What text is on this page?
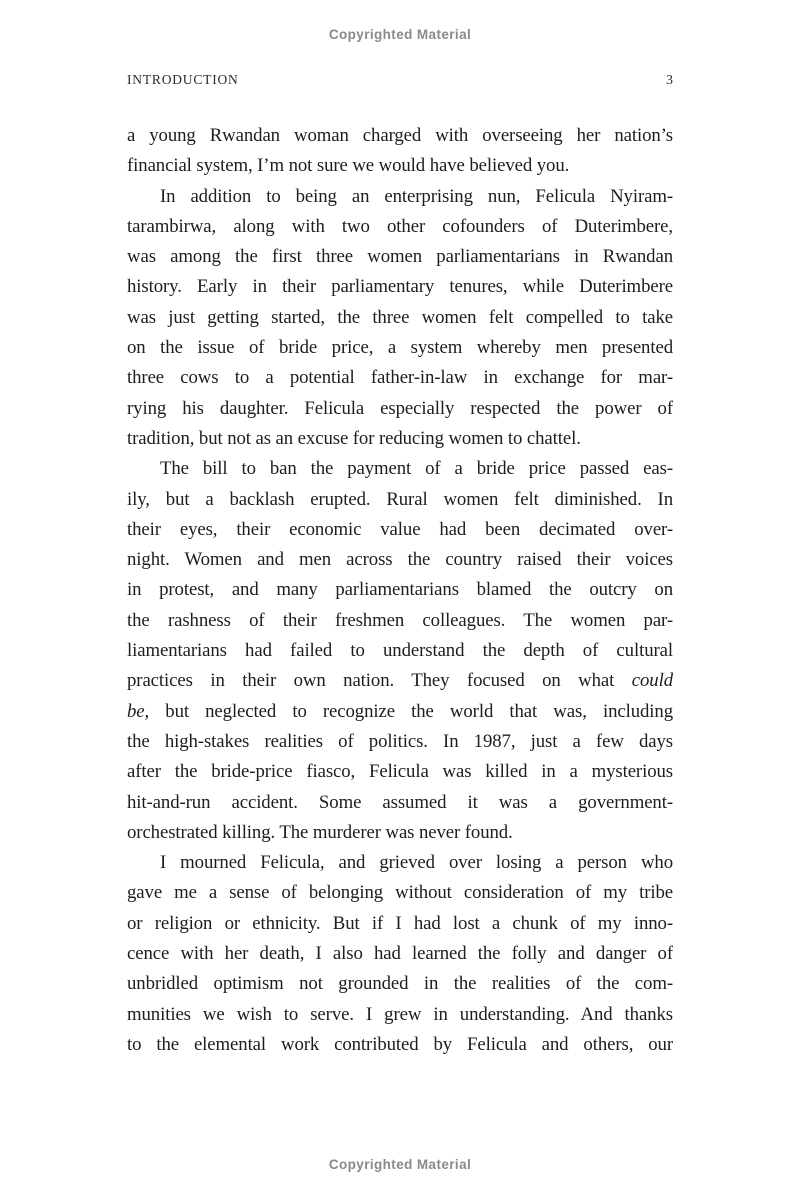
Copyrighted Material
INTRODUCTION	3
a young Rwandan woman charged with overseeing her nation’s
financial system, I’m not sure we would have believed you.
In addition to being an enterprising nun, Felicula Nyiram-
tarambirwa, along with two other cofounders of Duterimbere,
was among the first three women parliamentarians in Rwandan
history. Early in their parliamentary tenures, while Duterimbere
was just getting started, the three women felt compelled to take
on the issue of bride price, a system whereby men presented
three cows to a potential father-in-law in exchange for mar-
rying his daughter. Felicula especially respected the power of
tradition, but not as an excuse for reducing women to chattel.
The bill to ban the payment of a bride price passed eas-
ily, but a backlash erupted. Rural women felt diminished. In
their eyes, their economic value had been decimated over-
night. Women and men across the country raised their voices
in protest, and many parliamentarians blamed the outcry on
the rashness of their freshmen colleagues. The women par-
liamentarians had failed to understand the depth of cultural
practices in their own nation. They focused on what could
be, but neglected to recognize the world that was, including
the high-stakes realities of politics. In 1987, just a few days
after the bride-price fiasco, Felicula was killed in a mysterious
hit-and-run accident. Some assumed it was a government-
orchestrated killing. The murderer was never found.
I mourned Felicula, and grieved over losing a person who
gave me a sense of belonging without consideration of my tribe
or religion or ethnicity. But if I had lost a chunk of my inno-
cence with her death, I also had learned the folly and danger of
unbridled optimism not grounded in the realities of the com-
munities we wish to serve. I grew in understanding. And thanks
to the elemental work contributed by Felicula and others, our
Copyrighted Material
